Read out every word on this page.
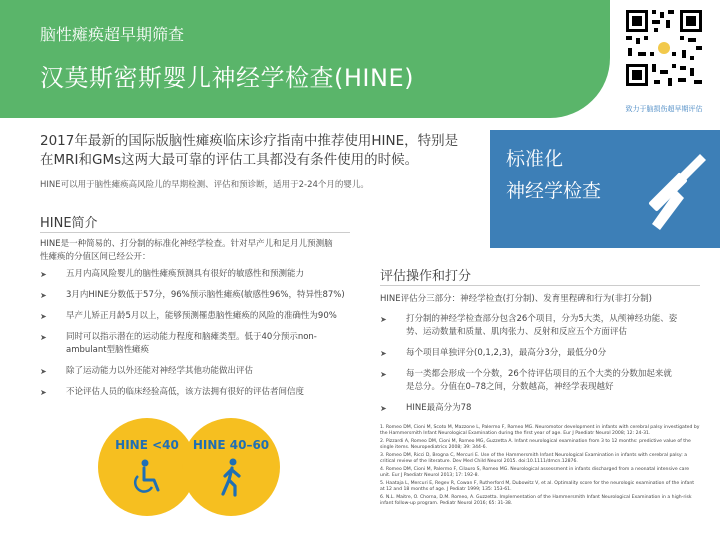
脑性瘫痪超早期筛查
汉莫斯密斯婴儿神经学检查(HINE)
致力于脑损伤超早期评估
2017年最新的国际版脑性瘫痪临床诊疗指南中推荐使用HINE，特别是在MRI和GMs这两大最可靠的评估工具都没有条件使用的时候。
HINE可以用于脑性瘫痪高风险儿的早期检测、评估和预诊断，适用于2-24个月的婴儿。
标准化
神经学检查
HINE简介
HINE是一种简易的、打分制的标准化神经学检查。针对早产儿和足月儿预测脑性瘫痪的分值区间已经公开：
➤ 五月内高风险婴儿的脑性瘫痪预测具有很好的敏感性和预测能力
➤ 3月内HINE分数低于57分，96%预示脑性瘫痪(敏感性96%，特异性87%)
➤ 早产儿矫正月龄5月以上，能够预测罹患脑性瘫痪的风险的准确性为90%
➤ 同时可以指示潜在的运动能力程度和脑瘫类型。低于40分预示non-ambulant型脑性瘫痪
➤ 除了运动能力以外还能对神经学其他功能做出评估
➤ 不论评估人员的临床经验高低，该方法拥有很好的评估者间信度
HINE <40	HINE 40–60
评估操作和打分
HINE评估分三部分：神经学检查(打分制)、发育里程碑和行为(非打分制)
➤ 打分制的神经学检查部分包含26个项目，分为5大类，从颅神经功能、姿势、运动数量和质量、肌肉张力、反射和反应五个方面评估
➤ 每个项目单独评分(0,1,2,3)，最高分3分，最低分0分
➤ 每一类都会形成一个分数，26个待评估项目的五个大类的分数加起来就是总分。分值在0–78之间，分数越高，神经学表现越好
➤ HINE最高分为78
1. Romeo DM, Cioni M, Scoto M, Mazzone L, Palermo F, Romeo MG. Neuromotor development in infants with cerebral palsy investigated by the Hammersmith Infant Neurological Examination during the first year of age. Eur J Paediatr Neurol 2008; 12: 24-31.
2. Pizzardi A, Romeo DM, Cioni M, Romeo MG, Guzzetta A. Infant neurological examination from 3 to 12 months: predictive value of the single items. Neuropediatrics 2008; 39: 344-6.
3. Romeo DM, Ricci D, Brogna C, Mercuri E. Use of the Hammersmith Infant Neurological Examination in infants with cerebral palsy: a critical review of the literature. Dev Med Child Neurol 2015. doi:10.1111/dmcn.12876.
4. Romeo DM, Cioni M, Palermo F, Cilauro S, Romeo MG. Neurological assessment in infants discharged from a neonatal intensive care unit. Eur J Paediatr Neurol 2013; 17: 192-8.
5. Haataja L, Mercuri E, Regev R, Cowan F, Rutherford M, Dubowitz V, et al. Optimality score for the neurologic examination of the infant at 12 and 18 months of age. J Pediatr 1999; 135: 153-61.
6. N.L. Maitre, O. Chorna, D.M. Romeo, A. Guzzetta. Implementation of the Hammersmith Infant Neurological Examination in a high-risk infant follow-up program. Pediatr Neurol 2016; 65: 31-38.
